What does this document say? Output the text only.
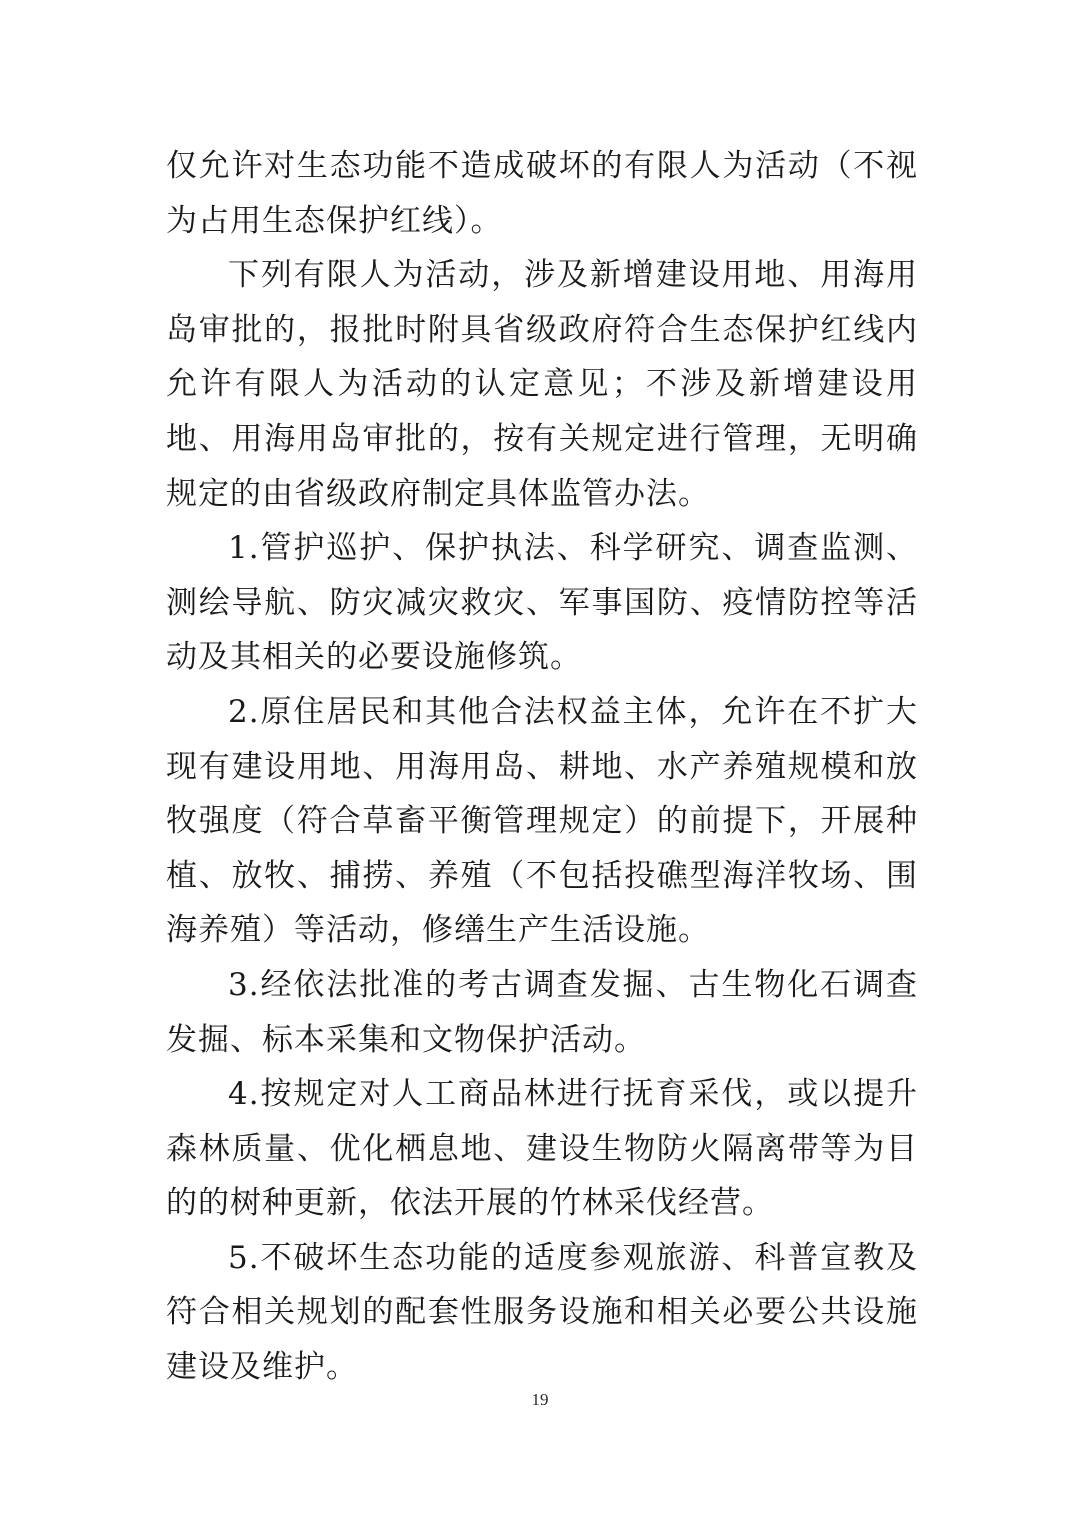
仅允许对生态功能不造成破坏的有限人为活动（不视为占用生态保护红线）。

下列有限人为活动，涉及新增建设用地、用海用岛审批的，报批时附具省级政府符合生态保护红线内允许有限人为活动的认定意见；不涉及新增建设用地、用海用岛审批的，按有关规定进行管理，无明确规定的由省级政府制定具体监管办法。

1.管护巡护、保护执法、科学研究、调查监测、测绘导航、防灾减灾救灾、军事国防、疫情防控等活动及其相关的必要设施修筑。

2.原住居民和其他合法权益主体，允许在不扩大现有建设用地、用海用岛、耕地、水产养殖规模和放牧强度（符合草畜平衡管理规定）的前提下，开展种植、放牧、捕捞、养殖（不包括投礁型海洋牧场、围海养殖）等活动，修缮生产生活设施。

3.经依法批准的考古调查发掘、古生物化石调查发掘、标本采集和文物保护活动。

4.按规定对人工商品林进行抚育采伐，或以提升森林质量、优化栖息地、建设生物防火隔离带等为目的的树种更新，依法开展的竹林采伐经营。

5.不破坏生态功能的适度参观旅游、科普宣教及符合相关规划的配套性服务设施和相关必要公共设施建设及维护。

19
